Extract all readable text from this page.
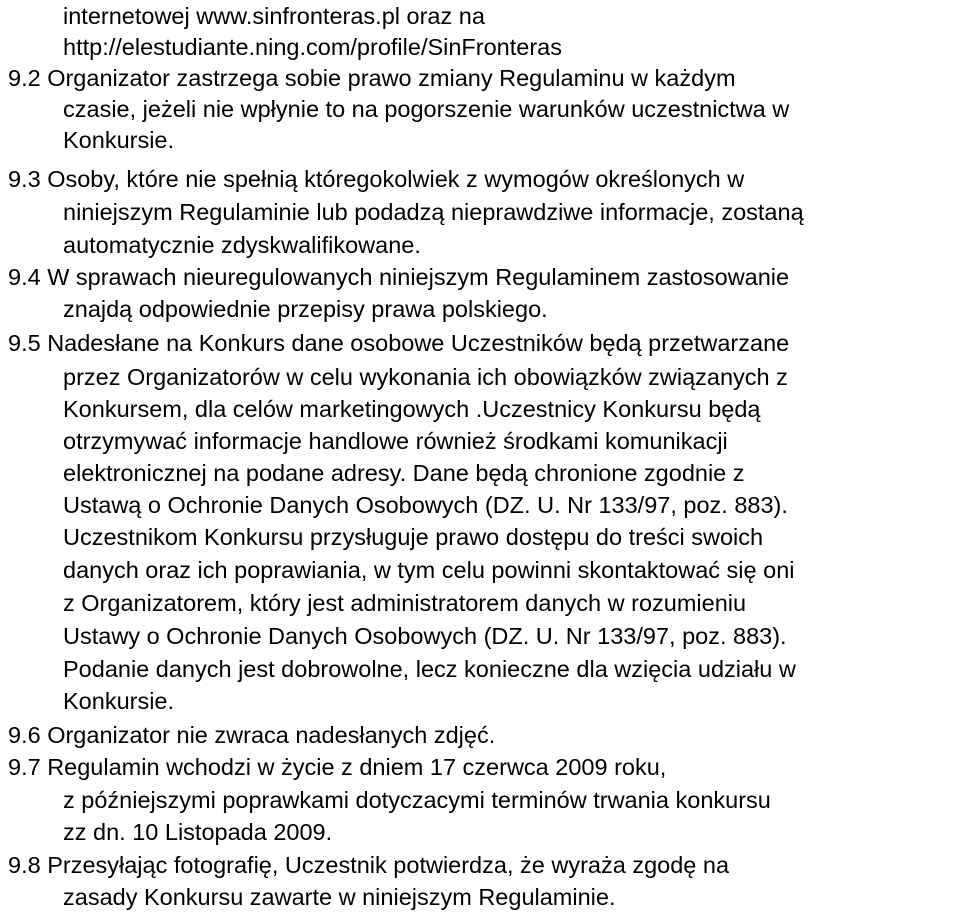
internetowej www.sinfronteras.pl oraz na
http://elestudiante.ning.com/profile/SinFronteras
9.2 Organizator zastrzega sobie prawo zmiany Regulaminu w każdym
czasie, jeżeli nie wpłynie to na pogorszenie warunków uczestnictwa w
Konkursie.
9.3 Osoby, które nie spełnią któregokolwiek z wymogów określonych w
niniejszym Regulaminie lub podadzą nieprawdziwe informacje, zostaną
automatycznie zdyskwalifikowane.
9.4 W sprawach nieuregulowanych niniejszym Regulaminem zastosowanie
znajdą odpowiednie przepisy prawa polskiego.
9.5 Nadesłane na Konkurs dane osobowe Uczestników będą przetwarzane
przez Organizatorów w celu wykonania ich obowiązków związanych z
Konkursem, dla celów marketingowych .Uczestnicy Konkursu będą
otrzymywać informacje handlowe również środkami komunikacji
elektronicznej na podane adresy. Dane będą chronione zgodnie z
Ustawą o Ochronie Danych Osobowych (DZ. U. Nr 133/97, poz. 883).
Uczestnikom Konkursu przysługuje prawo dostępu do treści swoich
danych oraz ich poprawiania, w tym celu powinni skontaktować się oni
z Organizatorem, który jest administratorem danych w rozumieniu
Ustawy o Ochronie Danych Osobowych (DZ. U. Nr 133/97, poz. 883).
Podanie danych jest dobrowolne, lecz konieczne dla wzięcia udziału w
Konkursie.
9.6 Organizator nie zwraca nadesłanych zdjęć.
9.7 Regulamin wchodzi w życie z dniem 17 czerwca 2009 roku,
z późniejszymi poprawkami dotyczacymi terminów trwania konkursu
zz dn. 10 Listopada 2009.
9.8 Przesyłając fotografię, Uczestnik potwierdza, że wyraża zgodę na
zasady Konkursu zawarte w niniejszym Regulaminie.
